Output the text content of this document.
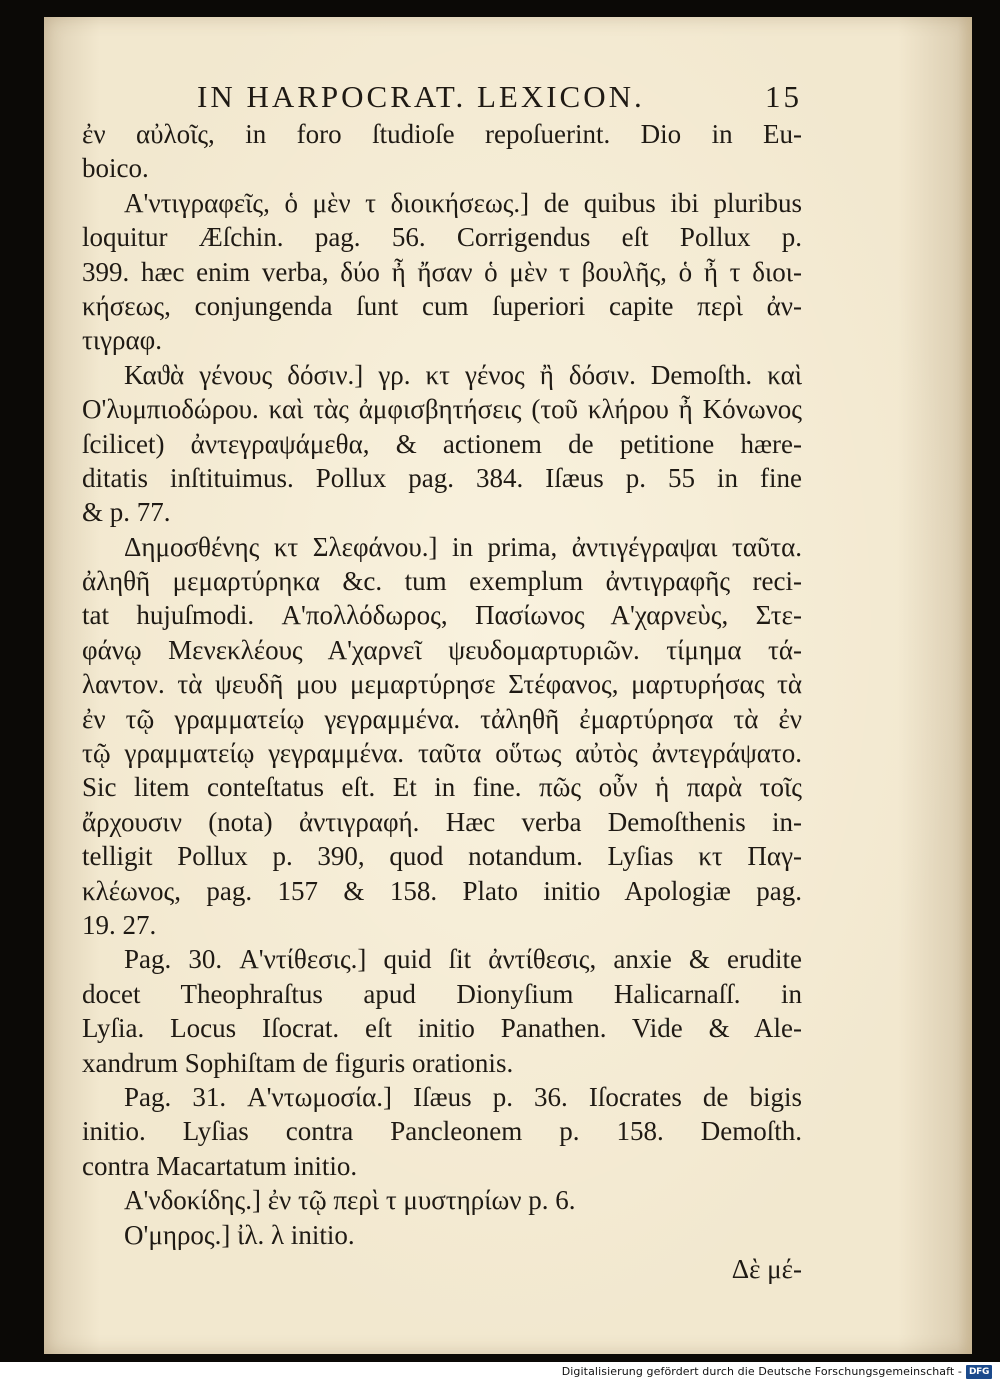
IN HARPOCRAT. LEXICON.	15
ἐν αὐλοῖς, in foro ſtudioſe repoſuerint. Dio in Eu-
boico.
Α'ντιγραφεῖς, ὁ μὲν τ διοικήσεως.] de quibus ibi pluribus
loquitur Æſchin. pag. 56. Corrigendus eſt Pollux p.
399. hæc enim verba, δύο ἦ ἤσαν ὁ μὲν τ βουλῆς, ὁ ἦ τ διοι-
κήσεως, conjungenda ſunt cum ſuperiori capite περὶ ἀν-
τιγραφ.
Καϑὰ γένους δόσιν.] γρ. κτ γένος ἢ δόσιν. Demoſth. καὶ
Ο'λυμπιοδώρου. καὶ τὰς ἀμφισβητήσεις (τοῦ κλήρου ἦ Κόνωνος
ſcilicet) ἀντεγραψάμεθα, & actionem de petitione hære-
ditatis inſtituimus. Pollux pag. 384. Iſæus p. 55 in fine
& p. 77.
Δημοσθένης κτ Σλεφάνου.] in prima, ἀντιγέγραψαι ταῦτα.
ἀληθῆ μεμαρτύρηκα &c. tum exemplum ἀντιγραφῆς reci-
tat hujuſmodi. Α'πολλόδωρος, Πασίωνος Α'χαρνεὺς, Στε-
φάνῳ Μενεκλέους Α'χαρνεῖ ψευδομαρτυριῶν. τίμημα τά-
λαντον. τὰ ψευδῆ μου μεμαρτύρησε Στέφανος, μαρτυρήσας τὰ
ἐν τῷ γραμματείῳ γεγραμμένα. τἀληθῆ ἐμαρτύρησα τὰ ἐν
τῷ γραμματείῳ γεγραμμένα. ταῦτα οὕτως αὐτὸς ἀντεγράψατο.
Sic litem conteſtatus eſt. Et in fine. πῶς οὖν ἡ παρὰ τοῖς
ἄρχουσιν (nota) ἀντιγραφή. Hæc verba Demoſthenis in-
telligit Pollux p. 390, quod notandum. Lyſias κτ Παγ-
κλέωνος, pag. 157 & 158. Plato initio Apologiæ pag.
19. 27.
Pag. 30. Α'ντίθεσις.] quid ſit ἀντίθεσις, anxie & erudite
docet Theophraſtus apud Dionyſium Halicarnaſſ. in
Lyſia. Locus Iſocrat. eſt initio Panathen. Vide & Ale-
xandrum Sophiſtam de figuris orationis.
Pag. 31. Α'ντωμοσία.] Iſæus p. 36. Iſocrates de bigis
initio. Lyſias contra Pancleonem p. 158. Demoſth.
contra Macartatum initio.
Α'νδοκίδης.] ἐν τῷ περὶ τ μυστηρίων p. 6.
Ο'μηρος.] ἰλ. λ initio.
Δὲ μέ-
Digitalisierung gefördert durch die Deutsche Forschungsgemeinschaft - DFG
